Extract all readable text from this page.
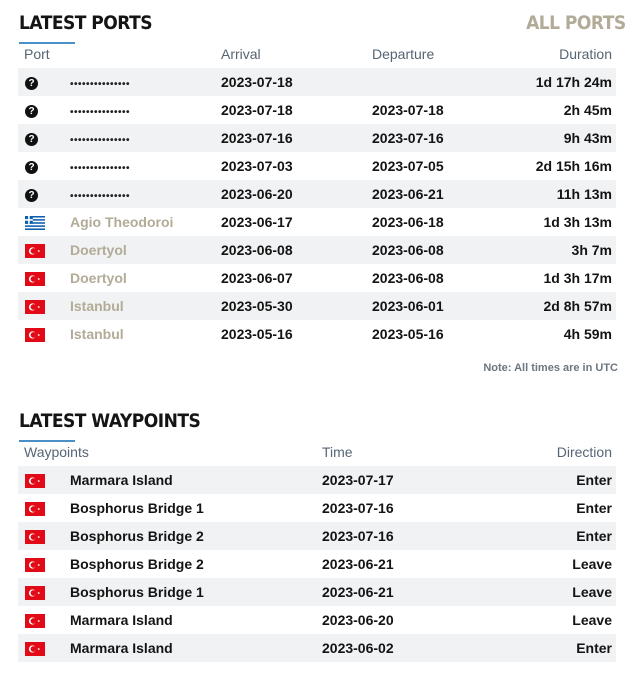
LATEST PORTS	ALL PORTS
Port		Arrival	Departure	Duration
?	•••••••••••••••	2023-07-18		1d 17h 24m
?	•••••••••••••••	2023-07-18	2023-07-18	2h 45m
?	•••••••••••••••	2023-07-16	2023-07-16	9h 43m
?	•••••••••••••••	2023-07-03	2023-07-05	2d 15h 16m
?	•••••••••••••••	2023-06-20	2023-06-21	11h 13m
	Agio Theodoroi	2023-06-17	2023-06-18	1d 3h 13m
	Doertyol	2023-06-08	2023-06-08	3h 7m
	Doertyol	2023-06-07	2023-06-08	1d 3h 17m
	Istanbul	2023-05-30	2023-06-01	2d 8h 57m
	Istanbul	2023-05-16	2023-05-16	4h 59m
Note: All times are in UTC
LATEST WAYPOINTS
Waypoints		Time	Direction
	Marmara Island	2023-07-17	Enter
	Bosphorus Bridge 1	2023-07-16	Enter
	Bosphorus Bridge 2	2023-07-16	Enter
	Bosphorus Bridge 2	2023-06-21	Leave
	Bosphorus Bridge 1	2023-06-21	Leave
	Marmara Island	2023-06-20	Leave
	Marmara Island	2023-06-02	Enter
